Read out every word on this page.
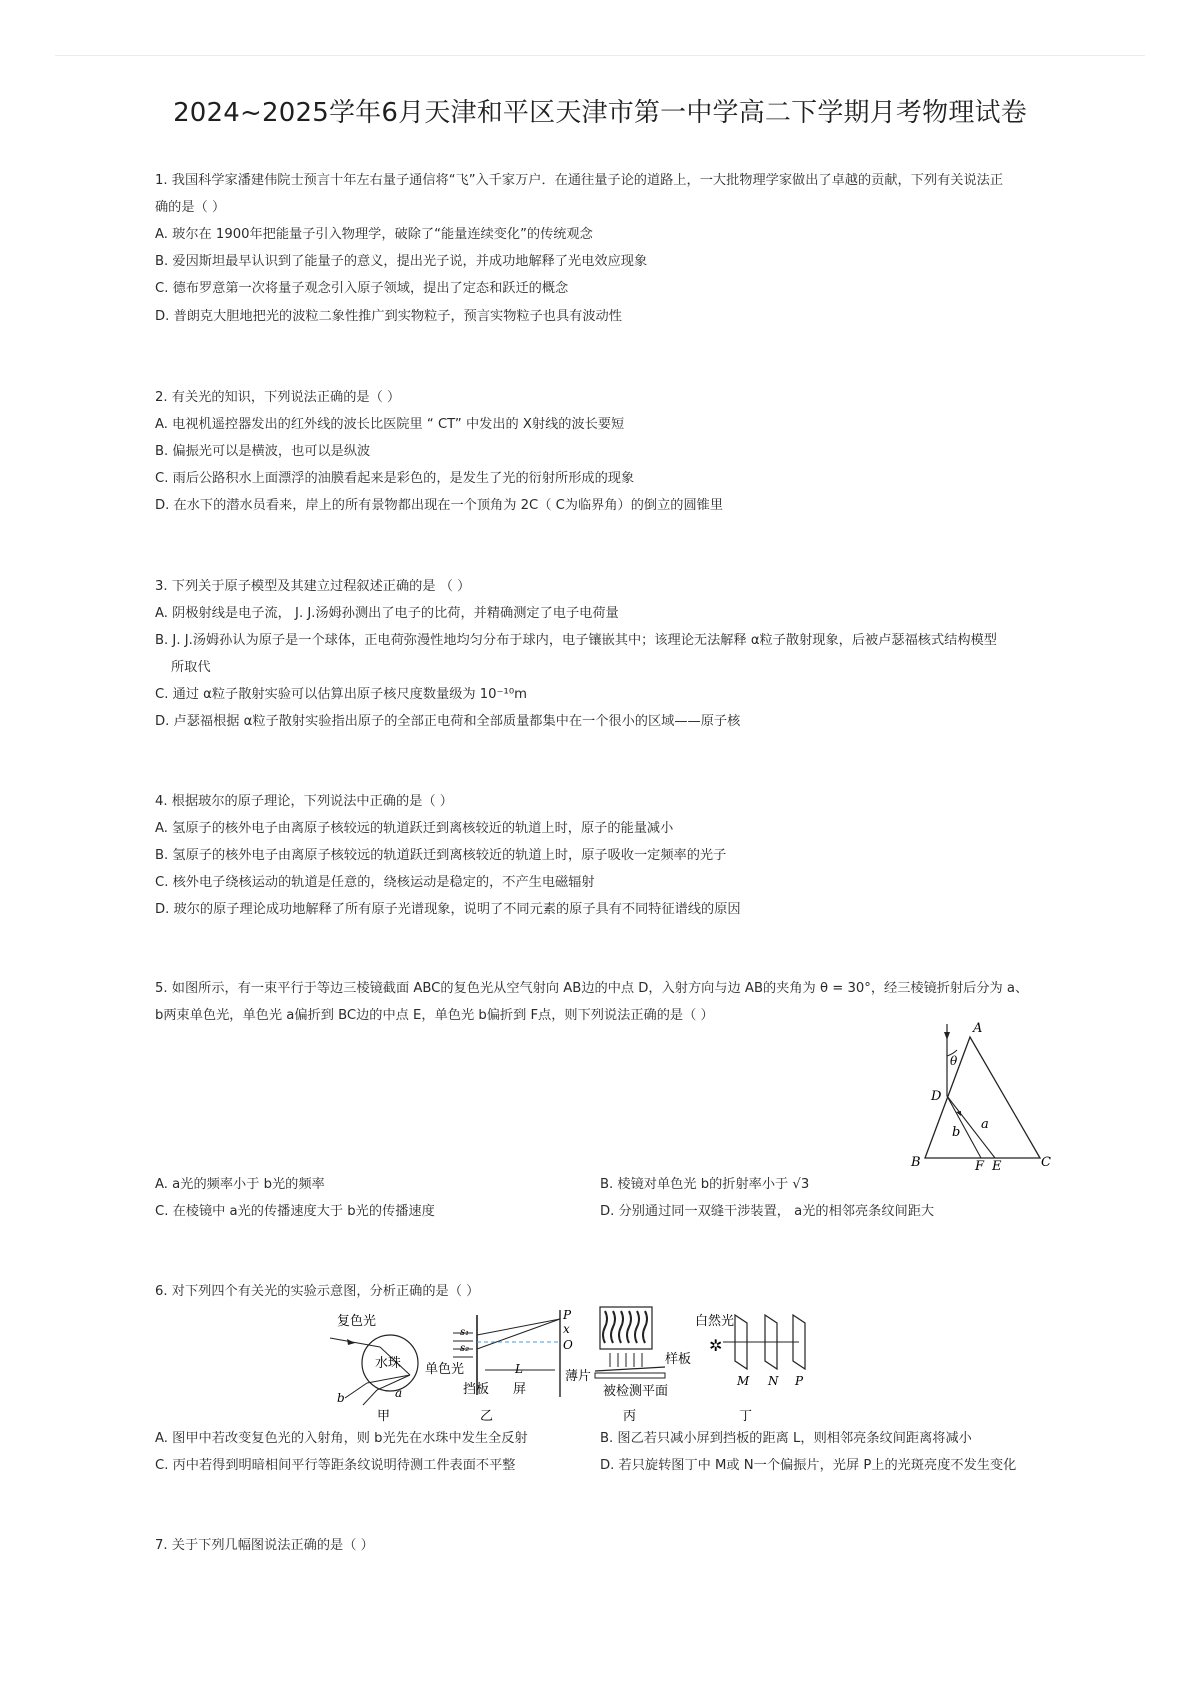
2024~2025学年6月天津和平区天津市第一中学高二下学期月考物理试卷
1. 我国科学家潘建伟院士预言十年左右量子通信将“飞”入千家万户．在通往量子论的道路上，一大批物理学家做出了卓越的贡献，下列有关说法正
确的是（ ）
A. 玻尔在 1900年把能量子引入物理学，破除了“能量连续变化”的传统观念
B. 爱因斯坦最早认识到了能量子的意义，提出光子说，并成功地解释了光电效应现象
C. 德布罗意第一次将量子观念引入原子领域，提出了定态和跃迁的概念
D. 普朗克大胆地把光的波粒二象性推广到实物粒子，预言实物粒子也具有波动性
2. 有关光的知识，下列说法正确的是（ ）
A. 电视机遥控器发出的红外线的波长比医院里 “ CT” 中发出的 X射线的波长要短
B. 偏振光可以是横波，也可以是纵波
C. 雨后公路积水上面漂浮的油膜看起来是彩色的，是发生了光的衍射所形成的现象
D. 在水下的潜水员看来，岸上的所有景物都出现在一个顶角为 2C（ C为临界角）的倒立的圆锥里
3. 下列关于原子模型及其建立过程叙述正确的是 （ ）
A. 阴极射线是电子流， J. J.汤姆孙测出了电子的比荷，并精确测定了电子电荷量
B. J. J.汤姆孙认为原子是一个球体，正电荷弥漫性地均匀分布于球内，电子镶嵌其中；该理论无法解释 α粒子散射现象，后被卢瑟福核式结构模型
所取代
C. 通过 α粒子散射实验可以估算出原子核尺度数量级为 10⁻¹⁰m
D. 卢瑟福根据 α粒子散射实验指出原子的全部正电荷和全部质量都集中在一个很小的区域——原子核
4. 根据玻尔的原子理论，下列说法中正确的是（ ）
A. 氢原子的核外电子由离原子核较远的轨道跃迁到离核较近的轨道上时，原子的能量减小
B. 氢原子的核外电子由离原子核较远的轨道跃迁到离核较近的轨道上时，原子吸收一定频率的光子
C. 核外电子绕核运动的轨道是任意的，绕核运动是稳定的，不产生电磁辐射
D. 玻尔的原子理论成功地解释了所有原子光谱现象，说明了不同元素的原子具有不同特征谱线的原因
5. 如图所示，有一束平行于等边三棱镜截面 ABC的复色光从空气射向 AB边的中点 D，入射方向与边 AB的夹角为 θ = 30°，经三棱镜折射后分为 a、
b两束单色光，单色光 a偏折到 BC边的中点 E，单色光 b偏折到 F点，则下列说法正确的是（ ）
A
B	C
D
E
F
θ
a
b
A. a光的频率小于 b光的频率	B. 棱镜对单色光 b的折射率小于 √3
C. 在棱镜中 a光的传播速度大于 b光的传播速度	D. 分别通过同一双缝干涉装置， a光的相邻亮条纹间距大
6. 对下列四个有关光的实验示意图，分析正确的是（ ）
复色光
水珠
b	a
甲
P
x
O
s₁
s₂
单色光	L
挡板 屏
乙
薄片
样板
被检测平面
丙
白然光
✲
M N P
丁
A. 图甲中若改变复色光的入射角，则 b光先在水珠中发生全反射	B. 图乙若只减小屏到挡板的距离 L，则相邻亮条纹间距离将减小
C. 丙中若得到明暗相间平行等距条纹说明待测工件表面不平整	D. 若只旋转图丁中 M或 N一个偏振片，光屏 P上的光斑亮度不发生变化
7. 关于下列几幅图说法正确的是（ ）
